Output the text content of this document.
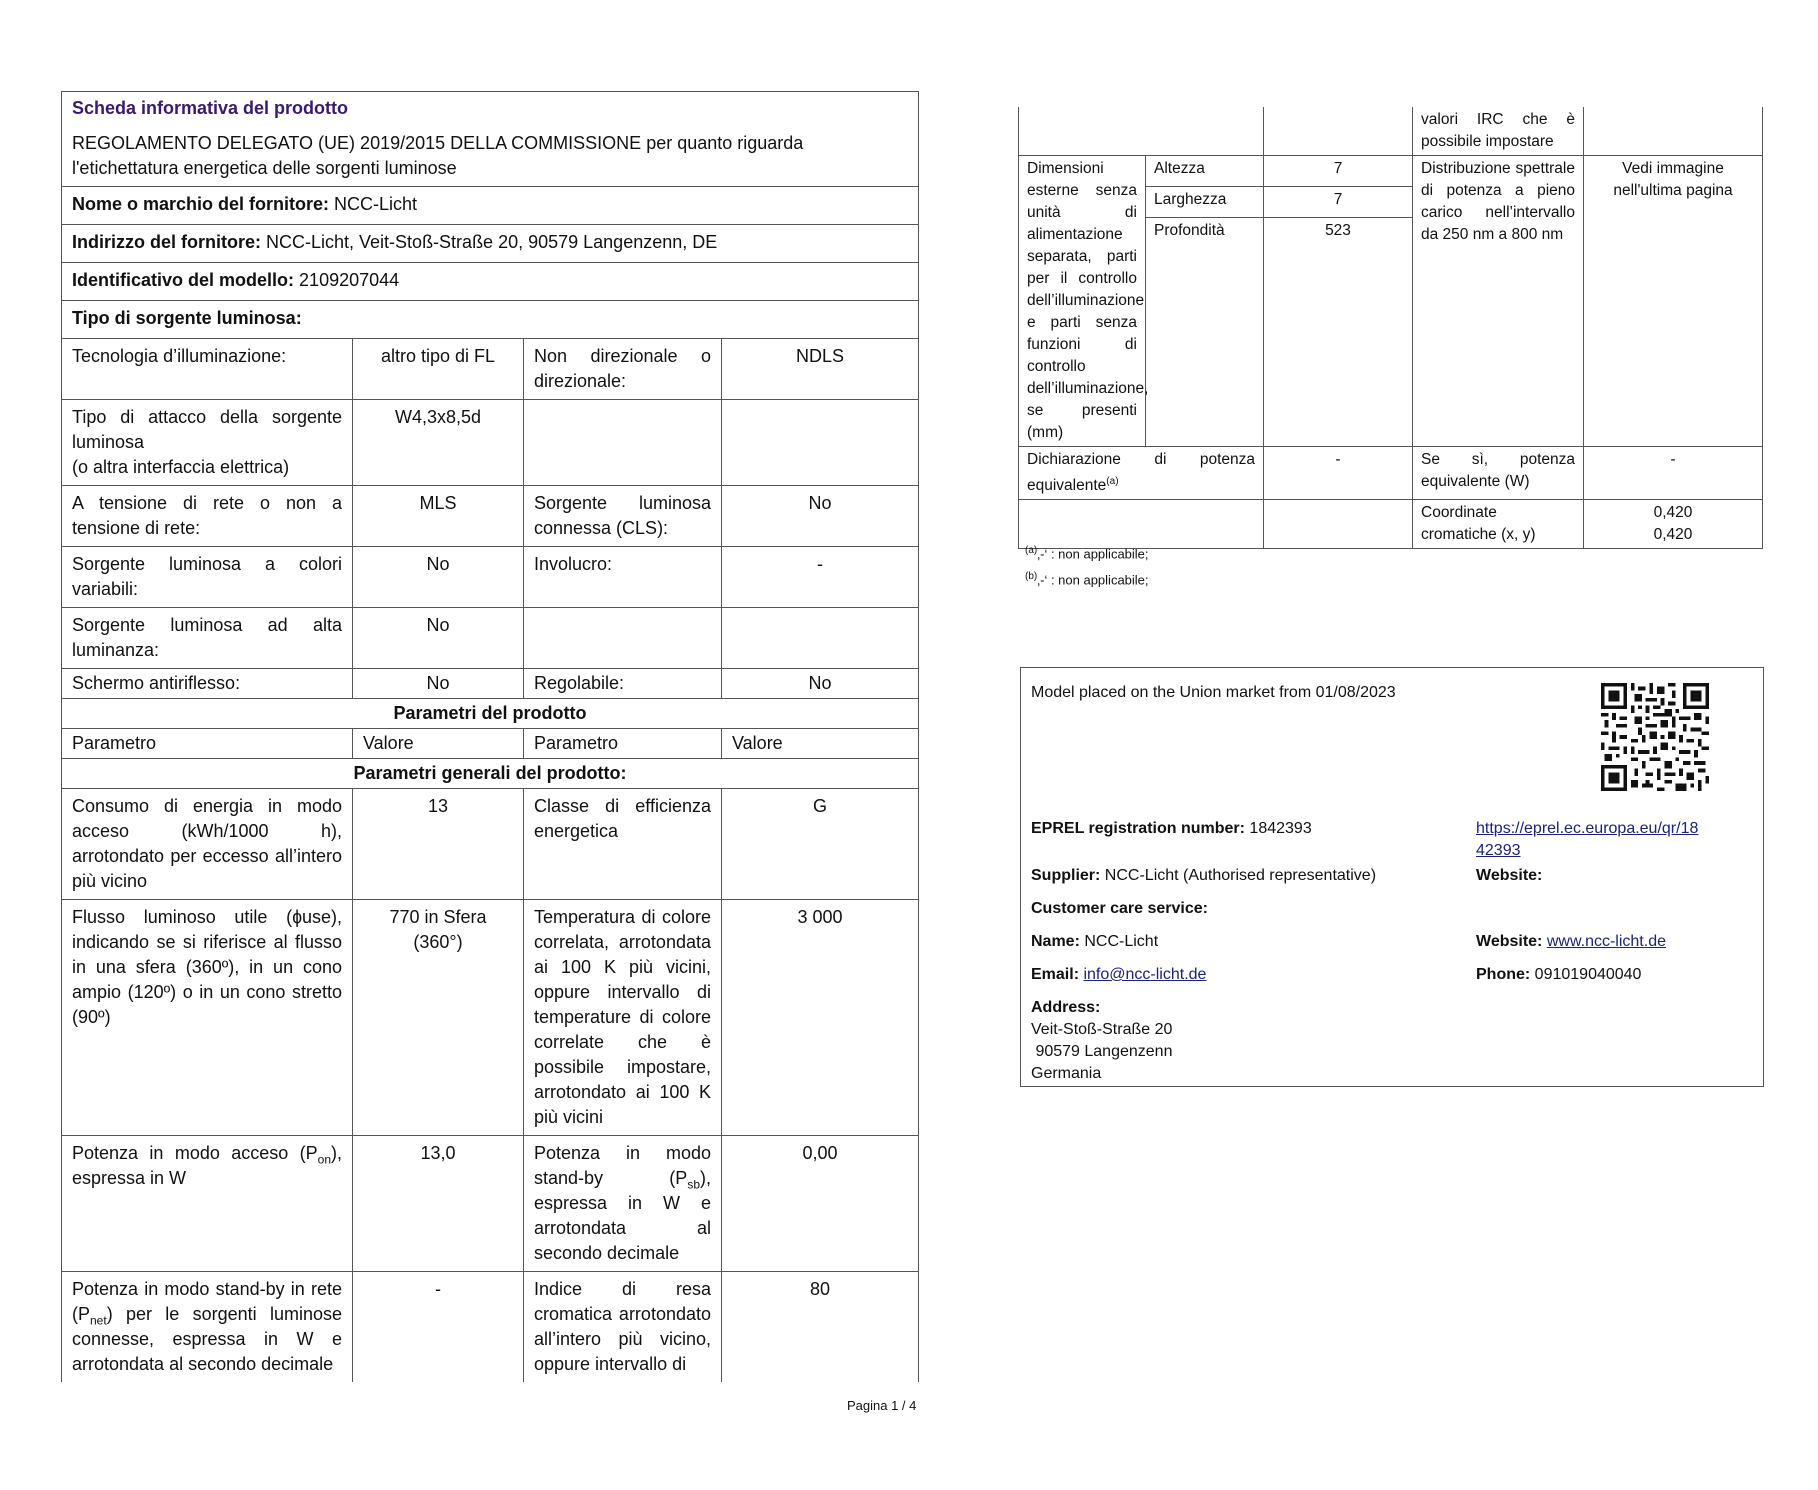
Scheda informativa del prodotto			
REGOLAMENTO DELEGATO (UE) 2019/2015 DELLA COMMISSIONE per quanto riguarda l'etichettatura energetica delle sorgenti luminose			
Nome o marchio del fornitore: NCC-Licht			
Indirizzo del fornitore: NCC-Licht, Veit-Stoß-Straße 20, 90579 Langenzenn, DE			
Identificativo del modello: 2109207044			
Tipo di sorgente luminosa:			
Tecnologia d’illuminazione:	altro tipo di FL	Non direzionale o direzionale:	NDLS

Tipo di attacco della sorgente luminosa
(o altra interfaccia elettrica)	W4,3x8,5d		
A tensione di rete o non a tensione di rete:	MLS	Sorgente luminosa connessa (CLS):	No
Sorgente luminosa a colori variabili:	No	Involucro:	-
Sorgente luminosa ad alta luminanza:	No		
Schermo antiriflesso:	No	Regolabile:	No
Parametri del prodotto			
Parametro	Valore	Parametro	Valore
Parametri generali del prodotto:			
Consumo di energia in modo acceso (kWh/1000 h), arrotondato per eccesso all’intero più vicino	13	Classe di efficienza energetica	G
Flusso luminoso utile (ɸuse), indicando se si riferisce al flusso in una sfera (360º), in un cono ampio (120º) o in un cono stretto (90º)	770 in Sfera (360°)	Temperatura di colore correlata, arrotondata ai 100 K più vicini, oppure intervallo di temperature di colore correlate che è possibile impostare, arrotondato ai 100 K più vicini	3 000
Potenza in modo acceso $(P_{on})$, espressa in W	13,0	Potenza in modo stand-by $(P_{sb})$, espressa in W e arrotondata al secondo decimale	0,00
Potenza in modo stand-by in rete $(P_{net})$ per le sorgenti luminose connesse, espressa in W e arrotondata al secondo decimale	-	Indice di resa cromatica arrotondato all’intero più vicino, oppure intervallo di	80
			valori IRC che è possibile impostare	
Dimensioni esterne senza unità di alimentazione separata, parti per il controllo dell’illuminazione e parti senza funzioni di controllo dell’illuminazione, se presenti (mm)	Altezza	7	Distribuzione spettrale di potenza a pieno carico nell’intervallo da 250 nm a 800 nm	Vedi immagine nell'ultima pagina
	Larghezza	7		
	Profondità	523		
Dichiarazione di potenza equivalente$^{(a)}$		-	Se sì, potenza equivalente (W)	-
			Coordinate cromatiche (x, y)	0,420
0,420
$^{(a)}$‚-‘ : non applicabile;
$^{(b)}$‚-‘ : non applicabile;
Model placed on the Union market from 01/08/2023
EPREL registration number: 1842393	https://eprel.ec.europa.eu/qr/18
42393
Supplier: NCC-Licht (Authorised representative)	Website:
Customer care service:
Name: NCC-Licht	Website: www.ncc-licht.de
Email: info@ncc-licht.de	Phone: 091019040040
Address:
Veit-Stoß-Straße 20
90579 Langenzenn
Germania
Pagina 1 / 4
